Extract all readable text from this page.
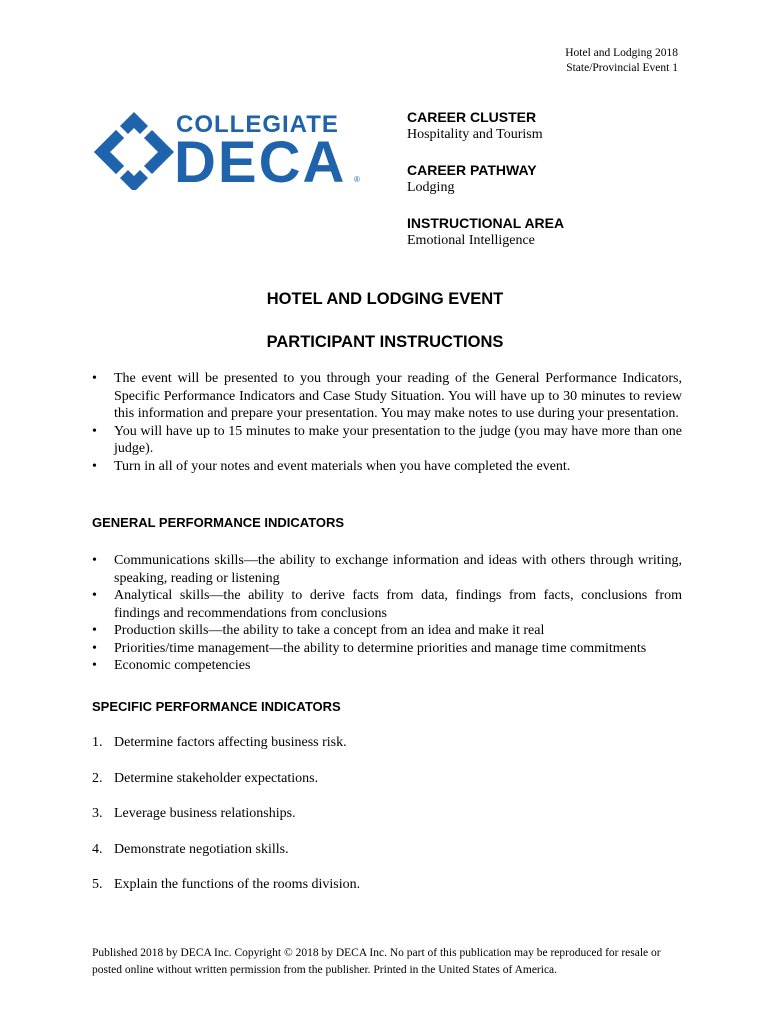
Hotel and Lodging 2018
State/Provincial Event 1
COLLEGIATE
DECA ®
CAREER CLUSTER
Hospitality and Tourism
CAREER PATHWAY
Lodging
INSTRUCTIONAL AREA
Emotional Intelligence
HOTEL AND LODGING EVENT
PARTICIPANT INSTRUCTIONS
• The event will be presented to you through your reading of the General Performance Indicators, Specific Performance Indicators and Case Study Situation. You will have up to 30 minutes to review this information and prepare your presentation. You may make notes to use during your presentation.
• You will have up to 15 minutes to make your presentation to the judge (you may have more than one judge).
• Turn in all of your notes and event materials when you have completed the event.
GENERAL PERFORMANCE INDICATORS
• Communications skills—the ability to exchange information and ideas with others through writing, speaking, reading or listening
• Analytical skills—the ability to derive facts from data, findings from facts, conclusions from findings and recommendations from conclusions
• Production skills—the ability to take a concept from an idea and make it real
• Priorities/time management—the ability to determine priorities and manage time commitments
• Economic competencies
SPECIFIC PERFORMANCE INDICATORS
1. Determine factors affecting business risk.
2. Determine stakeholder expectations.
3. Leverage business relationships.
4. Demonstrate negotiation skills.
5. Explain the functions of the rooms division.
Published 2018 by DECA Inc. Copyright © 2018 by DECA Inc. No part of this publication may be reproduced for resale or posted online without written permission from the publisher. Printed in the United States of America.
